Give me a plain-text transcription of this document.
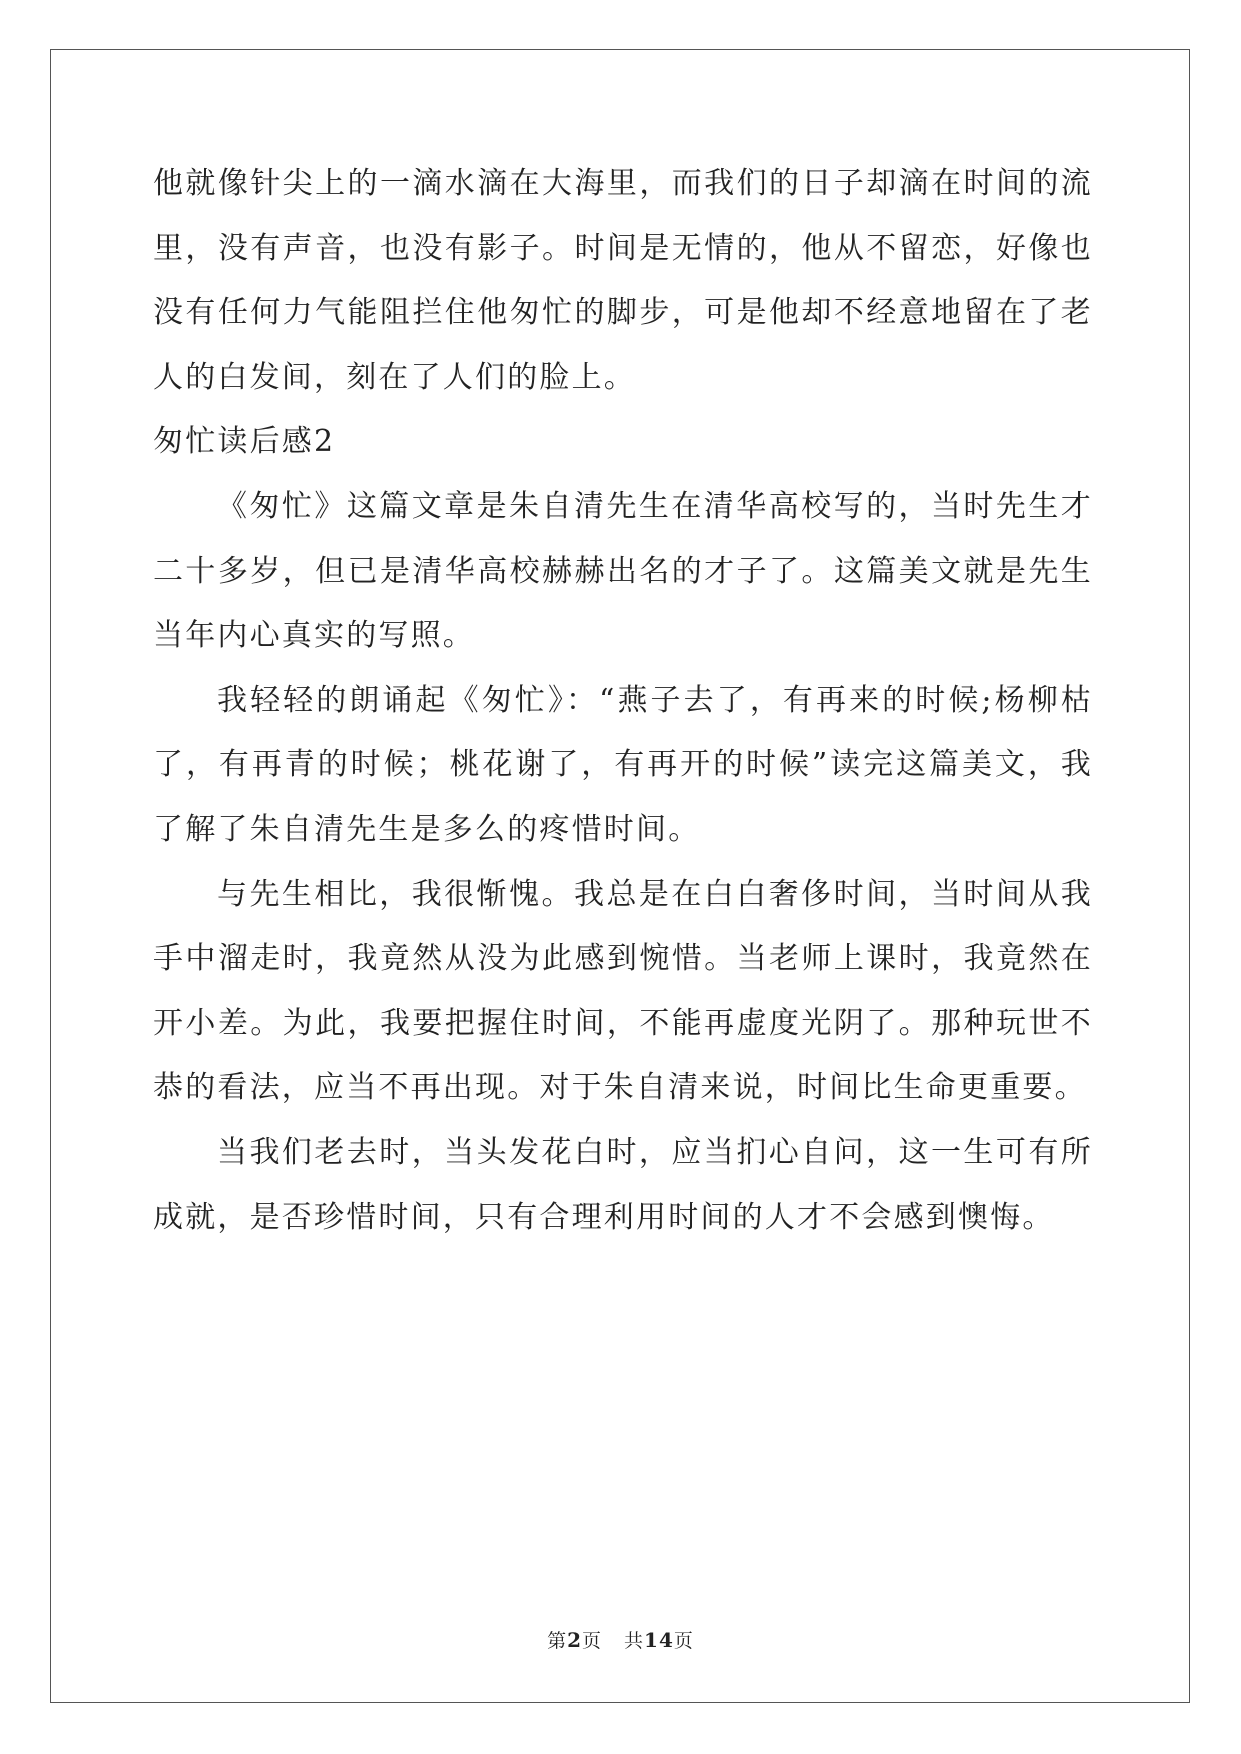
他就像针尖上的一滴水滴在大海里，而我们的日子却滴在时间的流里，没有声音，也没有影子。时间是无情的，他从不留恋，好像也没有任何力气能阻拦住他匆忙的脚步，可是他却不经意地留在了老人的白发间，刻在了人们的脸上。

匆忙读后感2

《匆忙》这篇文章是朱自清先生在清华高校写的，当时先生才二十多岁，但已是清华高校赫赫出名的才子了。这篇美文就是先生当年内心真实的写照。

我轻轻的朗诵起《匆忙》：“燕子去了，有再来的时候;杨柳枯了，有再青的时候；桃花谢了，有再开的时候”读完这篇美文，我了解了朱自清先生是多么的疼惜时间。

与先生相比，我很惭愧。我总是在白白奢侈时间，当时间从我手中溜走时，我竟然从没为此感到惋惜。当老师上课时，我竟然在开小差。为此，我要把握住时间，不能再虚度光阴了。那种玩世不恭的看法，应当不再出现。对于朱自清来说，时间比生命更重要。

当我们老去时，当头发花白时，应当扪心自问，这一生可有所成就，是否珍惜时间，只有合理利用时间的人才不会感到懊悔。

第2页 共14页
